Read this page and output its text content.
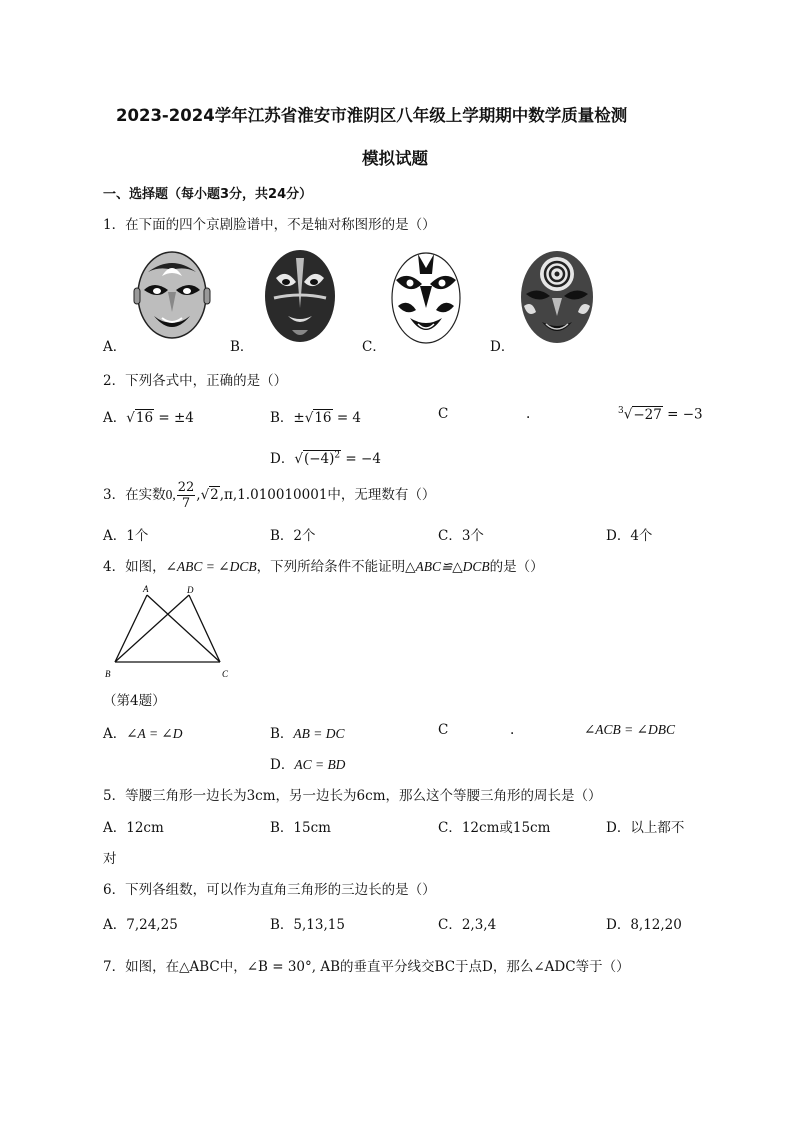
2023-2024学年江苏省淮安市淮阴区八年级上学期期中数学质量检测
模拟试题
一、选择题（每小题3分，共24分）
1．在下面的四个京剧脸谱中，不是轴对称图形的是（）
A．	B．	C．	D．
2．下列各式中，正确的是（）
A．√16 = ±4	B．±√16 = 4	C	.	$^3$√−27 = −3
D．$√(-4)^2 = -4$
3．在实数0, $\frac{22}{7} ,√2,\pi,1.010010001$中，无理数有（）
A．1个	B．2个	C．3个	D．4个
4．如图，∠ABC = ∠DCB，下列所给条件不能证明△ABC≌△DCB的是（）
A	D
B	C
（第4题）
A．∠A = ∠D	B．AB = DC	C	.	∠ACB = ∠DBC
D．AC = BD
5．等腰三角形一边长为3cm，另一边长为6cm，那么这个等腰三角形的周长是（）
A．12cm	B．15cm	C．12cm或15cm	D．以上都不
对
6．下列各组数，可以作为直角三角形的三边长的是（）
A．7,24,25	B．5,13,15	C．2,3,4	D．8,12,20
7．如图，在△ABC中，∠B = 30°, AB的垂直平分线交BC于点D，那么∠ADC等于（）
